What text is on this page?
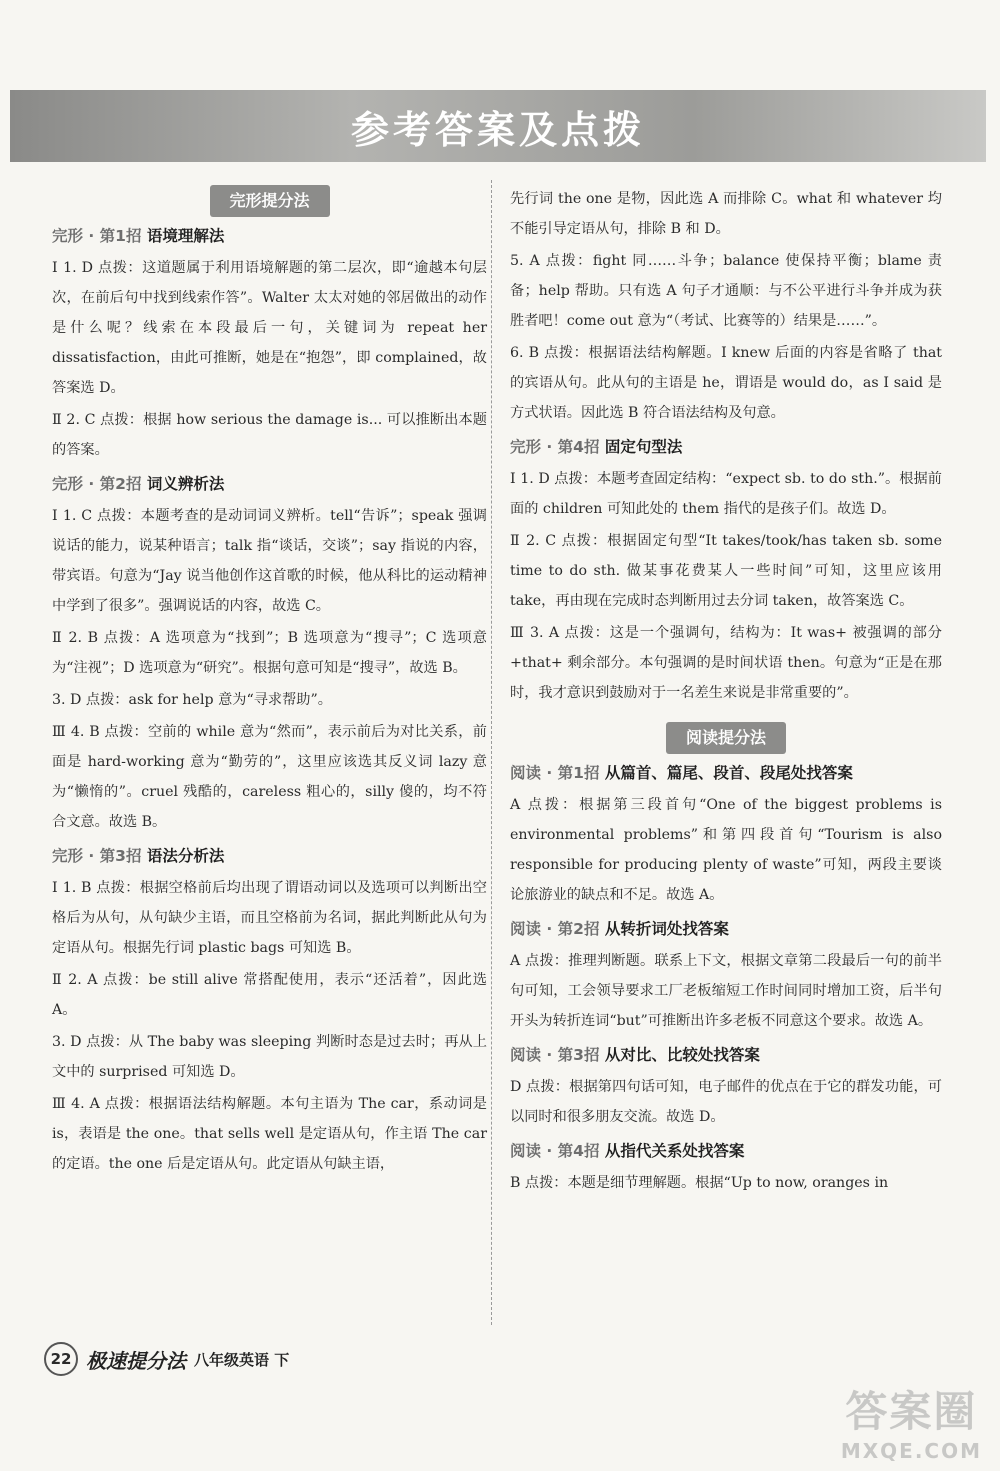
参考答案及点拨
完形提分法
完形 · 第1招 语境理解法

Ⅰ 1. D 点拨：这道题属于利用语境解题的第二层次，即“逾越本句层次，在前后句中找到线索作答”。Walter 太太对她的邻居做出的动作是什么呢？线索在本段最后一句，关键词为 repeat her dissatisfaction，由此可推断，她是在“抱怨”，即 complained，故答案选 D。

Ⅱ 2. C 点拨：根据 how serious the damage is... 可以推断出本题的答案。

完形 · 第2招 词义辨析法

Ⅰ 1. C 点拨：本题考查的是动词词义辨析。tell“告诉”；speak 强调说话的能力，说某种语言；talk 指“谈话，交谈”；say 指说的内容，带宾语。句意为“Jay 说当他创作这首歌的时候，他从科比的运动精神中学到了很多”。强调说话的内容，故选 C。

Ⅱ 2. B 点拨：A 选项意为“找到”；B 选项意为“搜寻”；C 选项意为“注视”；D 选项意为“研究”。根据句意可知是“搜寻”，故选 B。

3. D 点拨：ask for help 意为“寻求帮助”。

Ⅲ 4. B 点拨：空前的 while 意为“然而”，表示前后为对比关系，前面是 hard-working 意为“勤劳的”，这里应该选其反义词 lazy 意为“懒惰的”。cruel 残酷的，careless 粗心的，silly 傻的，均不符合文意。故选 B。

完形 · 第3招 语法分析法

Ⅰ 1. B 点拨：根据空格前后均出现了谓语动词以及选项可以判断出空格后为从句，从句缺少主语，而且空格前为名词，据此判断此从句为定语从句。根据先行词 plastic bags 可知选 B。

Ⅱ 2. A 点拨：be still alive 常搭配使用，表示“还活着”，因此选 A。

3. D 点拨：从 The baby was sleeping 判断时态是过去时；再从上文中的 surprised 可知选 D。

Ⅲ 4. A 点拨：根据语法结构解题。本句主语为 The car，系动词是 is，表语是 the one。that sells well 是定语从句，作主语 The car 的定语。the one 后是定语从句。此定语从句缺主语，

先行词 the one 是物，因此选 A 而排除 C。what 和 whatever 均不能引导定语从句，排除 B 和 D。

5. A 点拨：fight 同……斗争；balance 使保持平衡；blame 责备；help 帮助。只有选 A 句子才通顺：与不公平进行斗争并成为获胜者吧！come out 意为“（考试、比赛等的）结果是……”。

6. B 点拨：根据语法结构解题。I knew 后面的内容是省略了 that 的宾语从句。此从句的主语是 he，谓语是 would do，as I said 是方式状语。因此选 B 符合语法结构及句意。

完形 · 第4招 固定句型法

Ⅰ 1. D 点拨：本题考查固定结构：“expect sb. to do sth.”。根据前面的 children 可知此处的 them 指代的是孩子们。故选 D。

Ⅱ 2. C 点拨：根据固定句型“It takes/took/has taken sb. some time to do sth. 做某事花费某人一些时间”可知，这里应该用 take，再由现在完成时态判断用过去分词 taken，故答案选 C。

Ⅲ 3. A 点拨：这是一个强调句，结构为：It was+ 被强调的部分 +that+ 剩余部分。本句强调的是时间状语 then。句意为“正是在那时，我才意识到鼓励对于一名差生来说是非常重要的”。

阅读提分法
阅读 · 第1招 从篇首、篇尾、段首、段尾处找答案

A 点拨：根据第三段首句“One of the biggest problems is environmental problems”和第四段首句“Tourism is also responsible for producing plenty of waste”可知，两段主要谈论旅游业的缺点和不足。故选 A。

阅读 · 第2招 从转折词处找答案

A 点拨：推理判断题。联系上下文，根据文章第二段最后一句的前半句可知，工会领导要求工厂老板缩短工作时间同时增加工资，后半句开头为转折连词“but”可推断出许多老板不同意这个要求。故选 A。

阅读 · 第3招 从对比、比较处找答案

D 点拨：根据第四句话可知，电子邮件的优点在于它的群发功能，可以同时和很多朋友交流。故选 D。

阅读 · 第4招 从指代关系处找答案

B 点拨：本题是细节理解题。根据“Up to now, oranges in

22 极速提分法 八年级英语 下
答案圈
MXQE.COM
